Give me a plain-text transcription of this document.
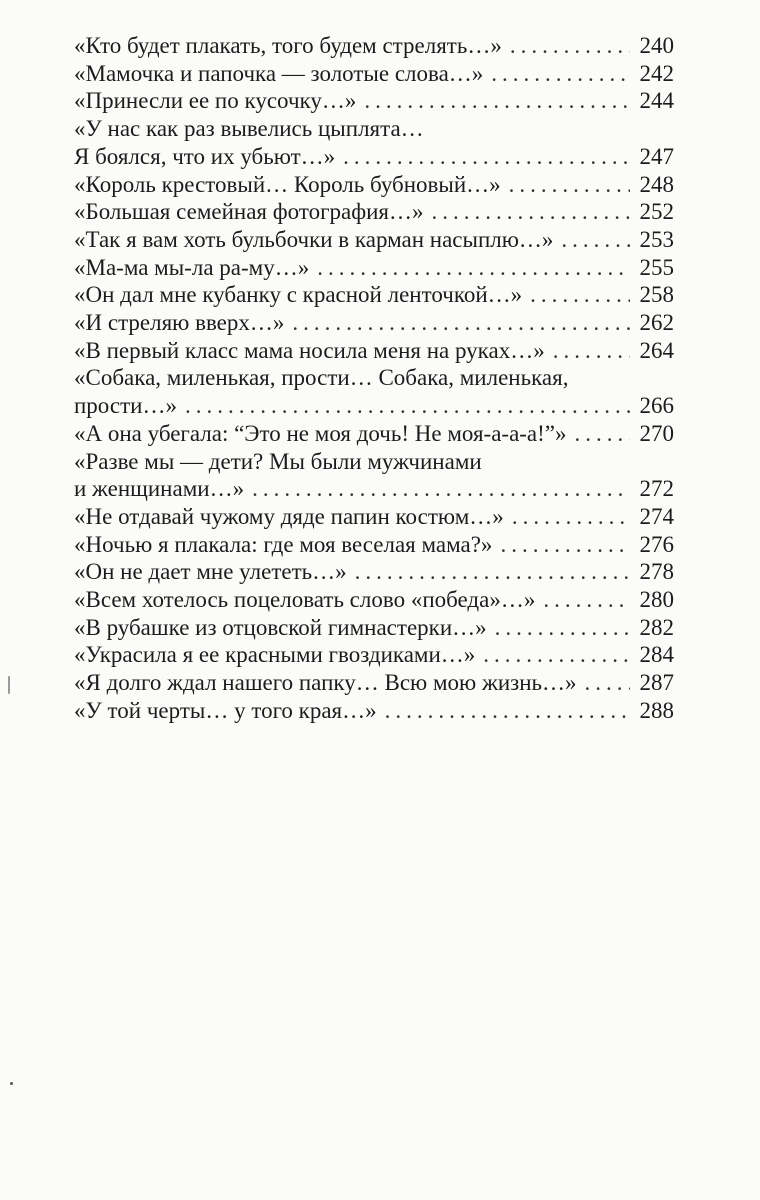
«Кто будет плакать, того будем стрелять…» .....	240
«Мамочка и папочка — золотые слова…» .....	242
«Принесли ее по кусочку…» .....	244
«У нас как раз вывелись цыплята…
Я боялся, что их убьют…» .....	247
«Король крестовый… Король бубновый…» .....	248
«Большая семейная фотография…» .....	252
«Так я вам хоть бульбочки в карман насыплю…» .....	253
«Ма-ма мы-ла ра-му…» .....	255
«Он дал мне кубанку с красной ленточкой…» .....	258
«И стреляю вверх…» .....	262
«В первый класс мама носила меня на руках…» .....	264
«Собака, миленькая, прости… Собака, миленькая,
прости…» .....	266
«А она убегала: “Это не моя дочь! Не моя-а-а-а!”» .....	270
«Разве мы — дети? Мы были мужчинами
и женщинами…» .....	272
«Не отдавай чужому дяде папин костюм…» .....	274
«Ночью я плакала: где моя веселая мама?» .....	276
«Он не дает мне улететь…» .....	278
«Всем хотелось поцеловать слово «победа»…» .....	280
«В рубашке из отцовской гимнастерки…» .....	282
«Украсила я ее красными гвоздиками…» .....	284
«Я долго ждал нашего папку… Всю мою жизнь…» .....	287
«У той черты… у того края…» .....	288
